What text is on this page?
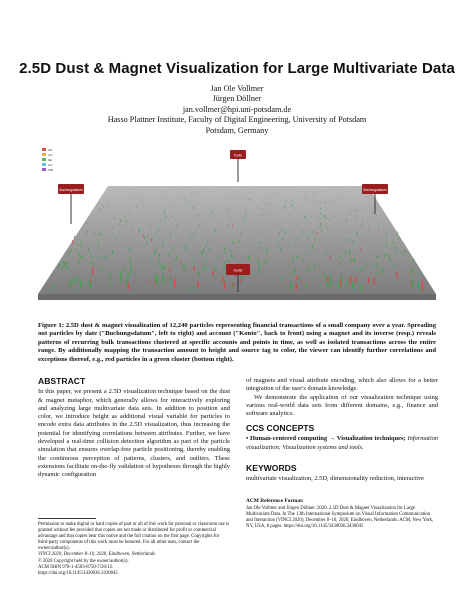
2.5D Dust & Magnet Visualization for Large Multivariate Data
Jan Ole Vollmer
Jürgen Döllner
jan.vollmer@hpi.uni-potsdam.de
Hasso Plattner Institute, Faculty of Digital Engineering, University of Potsdam
Potsdam, Germany
AN
CO
SE
OV
WB
Konto
Buchungsdatum	Buchungsdatum
Konto
Figure 1: 2.5D dust & magnet visualization of 12,240 particles representing financial transactions of a small company over a year. Spreading out particles by date ("Buchungsdatum", left to right) and account ("Konto", back to front) using a magnet and its inverse (resp.) reveals patterns of recurring bulk transactions clustered at specific accounts and points in time, as well as isolated transactions across the entire range. By additionally mapping the transaction amount to height and source tag to color, the viewer can identify further correlations and exceptions thereof, e.g., red particles in a green cluster (bottom right).
ABSTRACT

In this paper, we present a 2.5D visualization technique based on the dust & magnet metaphor, which generally allows for interactively exploring and analyzing large multivariate data sets. In addition to position and color, we introduce height as additional visual variable for particles to encode extra data attributes in the 2.5D visualization, thus increasing the potential for identifying correlations between attributes. Further, we have developed a real-time collision detection algorithm as part of the particle simulation that ensures overlap-free particle positioning, thereby enabling the continuous perception of patterns, clusters, and outliers. These extensions facilitate on-the-fly validation of hypotheses through the highly dynamic configuration

Permission to make digital or hard copies of part or all of this work for personal or classroom use is granted without fee provided that copies are not made or distributed for profit or commercial advantage and that copies bear this notice and the full citation on the first page. Copyrights for third-party components of this work must be honored. For all other uses, contact the owner/author(s).
VINCI 2020, December 8–10, 2020, Eindhoven, Netherlands
© 2020 Copyright held by the owner/author(s).
ACM ISBN 978-1-4503-8750-7/20/12.
https://doi.org/10.1145/3430036.3430045

of magnets and visual attribute encoding, which also allows for a better integration of the user's domain knowledge.

We demonstrate the application of our visualization technique using various real-world data sets from different domains, e.g., finance and software analytics.

CCS CONCEPTS
• Human-centered computing → Visualization techniques; Information visualization; Visualization systems and tools.
KEYWORDS
multivariate visualization, 2.5D, dimensionality reduction, interactive
ACM Reference Format:
Jan Ole Vollmer and Jürgen Döllner. 2020. 2.5D Dust & Magnet Visualization for Large Multivariate Data. In The 13th International Symposium on Visual Information Communication and Interaction (VINCI 2020), December 8–10, 2020, Eindhoven, Netherlands. ACM, New York, NY, USA, 8 pages. https://doi.org/10.1145/3430036.3430045
